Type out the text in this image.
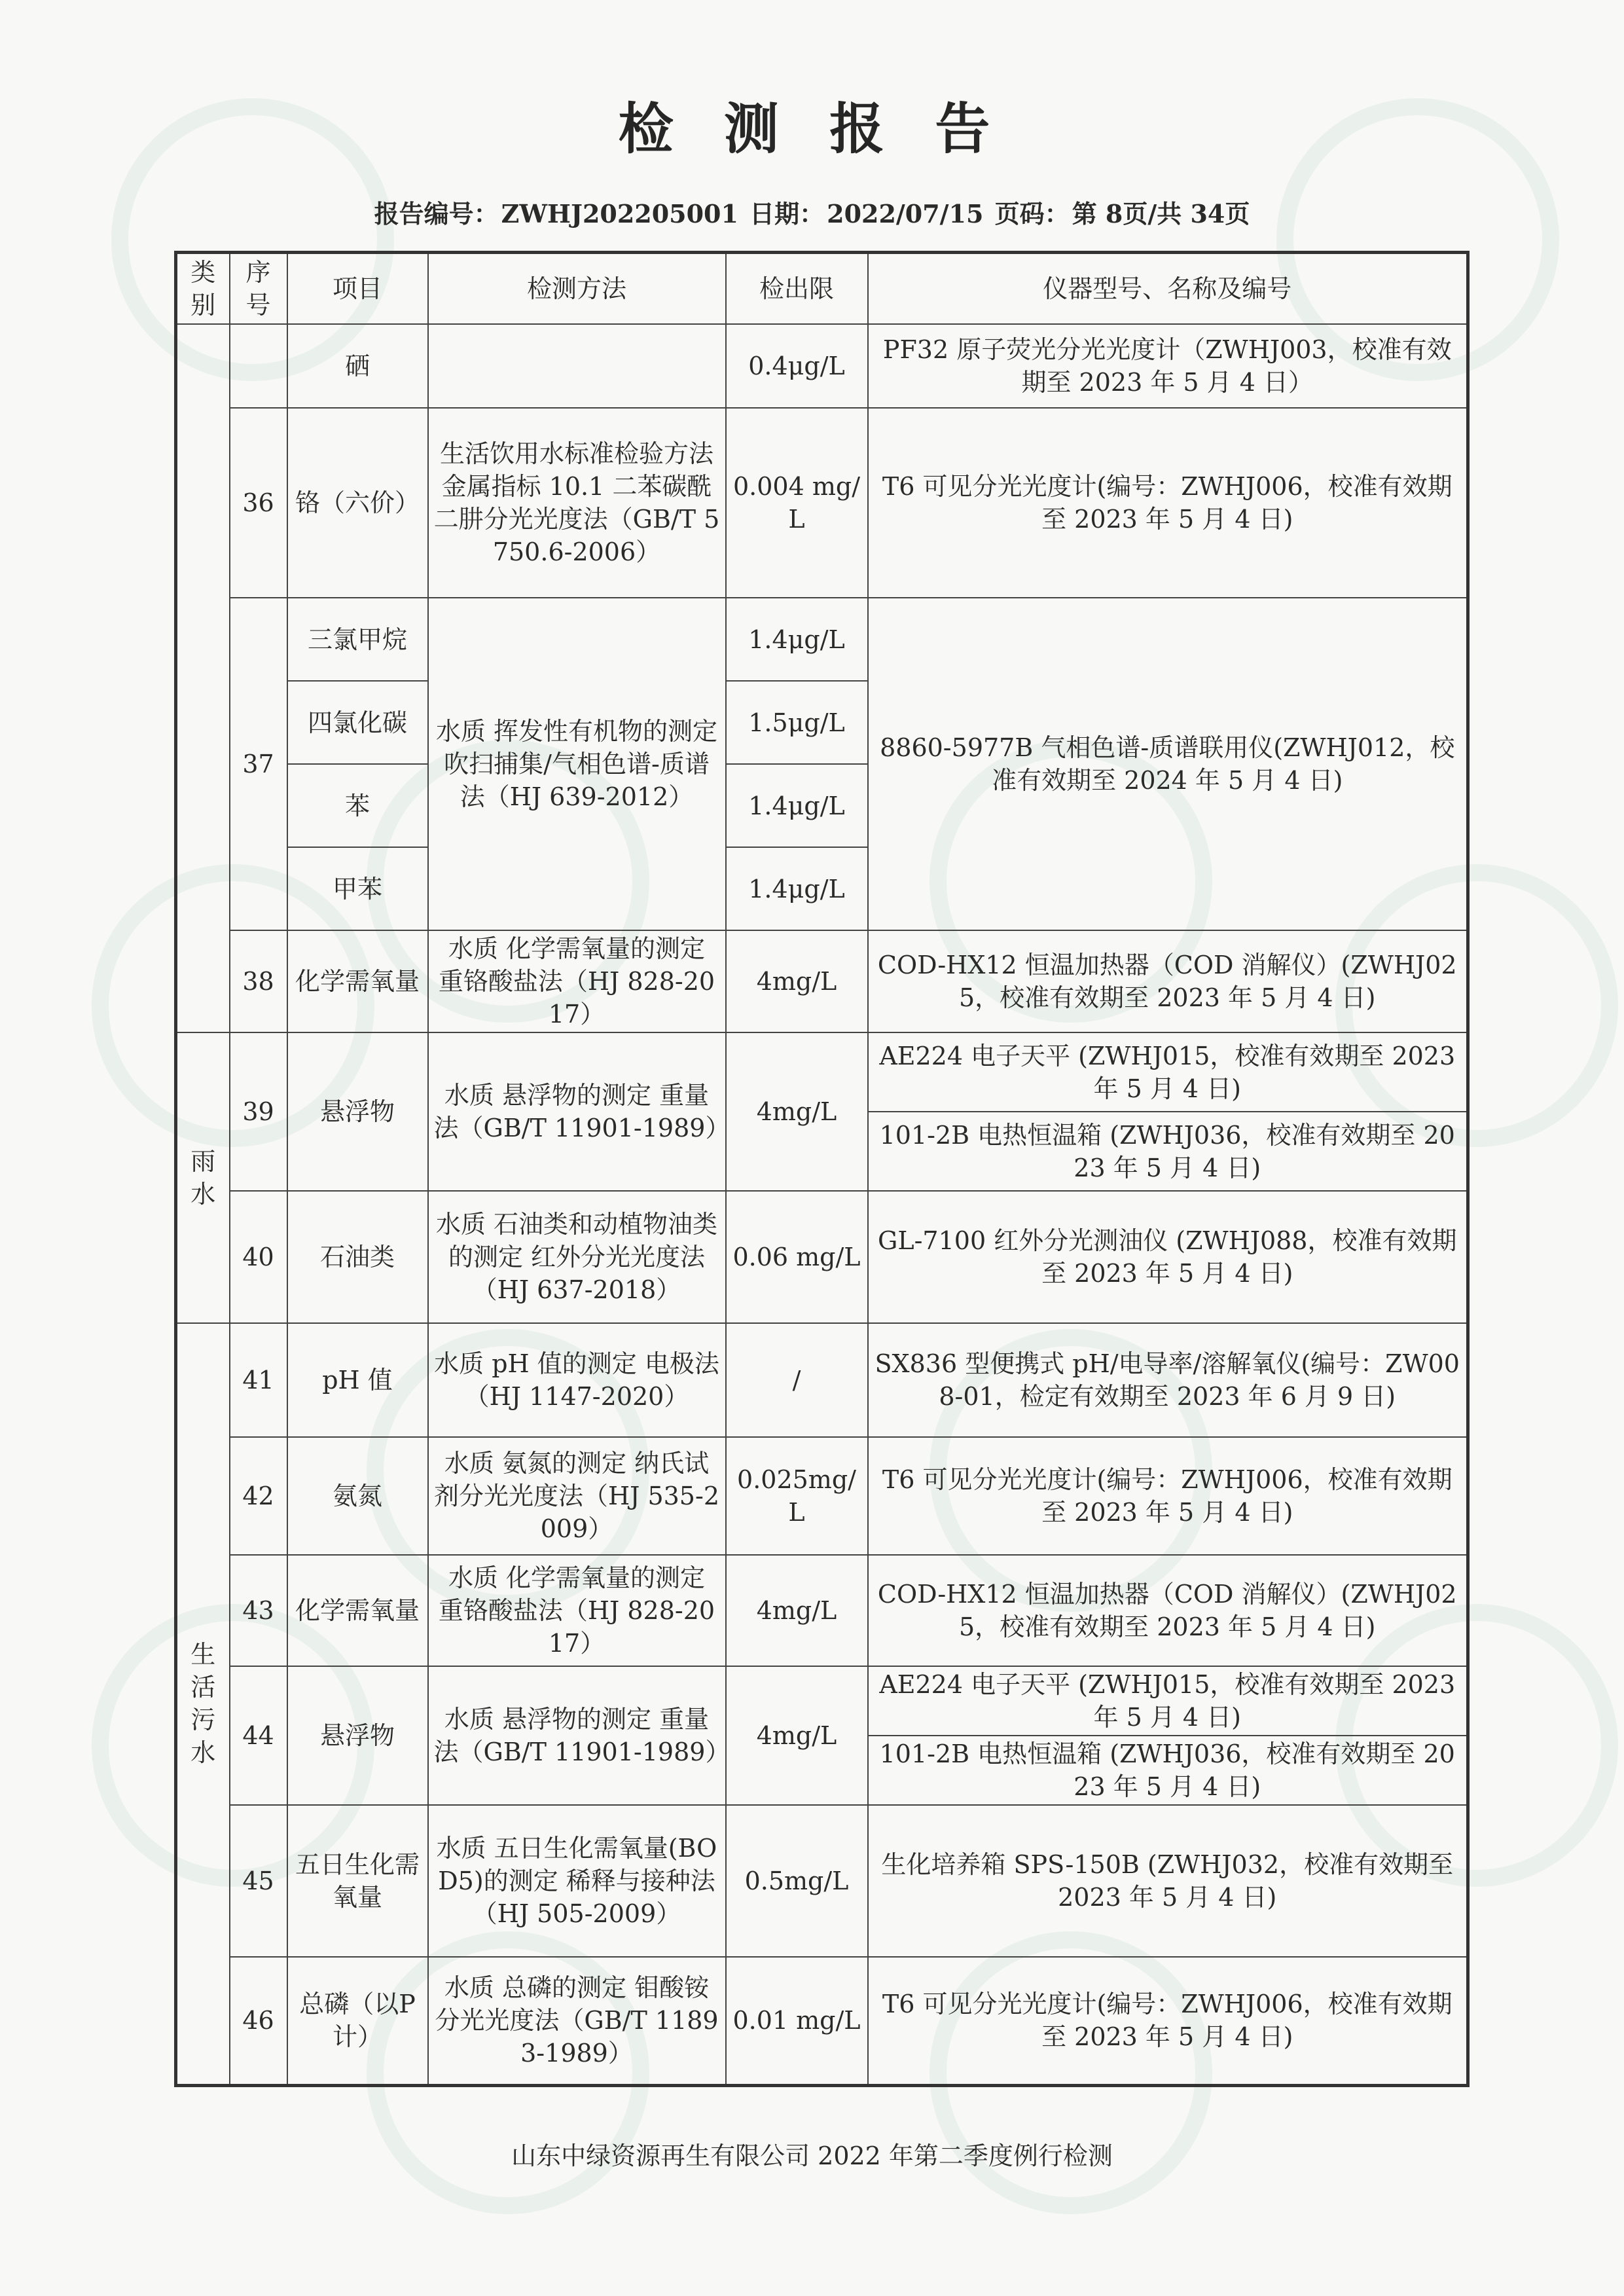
检 测 报 告
报告编号： ZWHJ202205001 日期： 2022/07/15 页码： 第 8页/共 34页
类别	序号	项目	检测方法	检出限	仪器型号、名称及编号
		硒		0.4μg/L	PF32 原子荧光分光光度计（ZWHJ003，校准有效期至 2023 年 5 月 4 日）
	36	铬（六价）	生活饮用水标准检验方法 金属指标 10.1 二苯碳酰二肼分光光度法（GB/T 5750.6-2006）	0.004 mg/L	T6 可见分光光度计(编号：ZWHJ006，校准有效期至 2023 年 5 月 4 日)
	37	三氯甲烷	水质 挥发性有机物的测定 吹扫捕集/气相色谱-质谱法（HJ 639-2012）	1.4μg/L	8860-5977B 气相色谱-质谱联用仪(ZWHJ012，校准有效期至 2024 年 5 月 4 日)
		四氯化碳		1.5μg/L	
		苯		1.4μg/L	
		甲苯		1.4μg/L	
	38	化学需氧量	水质 化学需氧量的测定 重铬酸盐法（HJ 828-2017）	4mg/L	COD-HX12 恒温加热器（COD 消解仪）(ZWHJ025，校准有效期至 2023 年 5 月 4 日)
雨水	39	悬浮物	水质 悬浮物的测定 重量法（GB/T 11901-1989）	4mg/L	AE224 电子天平 (ZWHJ015，校准有效期至 2023 年 5 月 4 日)
					101-2B 电热恒温箱 (ZWHJ036，校准有效期至 2023 年 5 月 4 日)
	40	石油类	水质 石油类和动植物油类的测定 红外分光光度法（HJ 637-2018）	0.06 mg/L	GL-7100 红外分光测油仪 (ZWHJ088，校准有效期至 2023 年 5 月 4 日)
生活污水	41	pH 值	水质 pH 值的测定 电极法（HJ 1147-2020）	/	SX836 型便携式 pH/电导率/溶解氧仪(编号：ZW008-01，检定有效期至 2023 年 6 月 9 日)
	42	氨氮	水质 氨氮的测定 纳氏试剂分光光度法（HJ 535-2009）	0.025mg/L	T6 可见分光光度计(编号：ZWHJ006，校准有效期至 2023 年 5 月 4 日)
	43	化学需氧量	水质 化学需氧量的测定 重铬酸盐法（HJ 828-2017）	4mg/L	COD-HX12 恒温加热器（COD 消解仪）(ZWHJ025，校准有效期至 2023 年 5 月 4 日)
	44	悬浮物	水质 悬浮物的测定 重量法（GB/T 11901-1989）	4mg/L	AE224 电子天平 (ZWHJ015，校准有效期至 2023 年 5 月 4 日)
					101-2B 电热恒温箱 (ZWHJ036，校准有效期至 2023 年 5 月 4 日)
	45	五日生化需氧量	水质 五日生化需氧量(BOD5)的测定 稀释与接种法（HJ 505-2009）	0.5mg/L	生化培养箱 SPS-150B (ZWHJ032，校准有效期至 2023 年 5 月 4 日)
	46	总磷（以P 计）	水质 总磷的测定 钼酸铵分光光度法（GB/T 11893-1989）	0.01 mg/L	T6 可见分光光度计(编号：ZWHJ006，校准有效期至 2023 年 5 月 4 日)
山东中绿资源再生有限公司 2022 年第二季度例行检测
